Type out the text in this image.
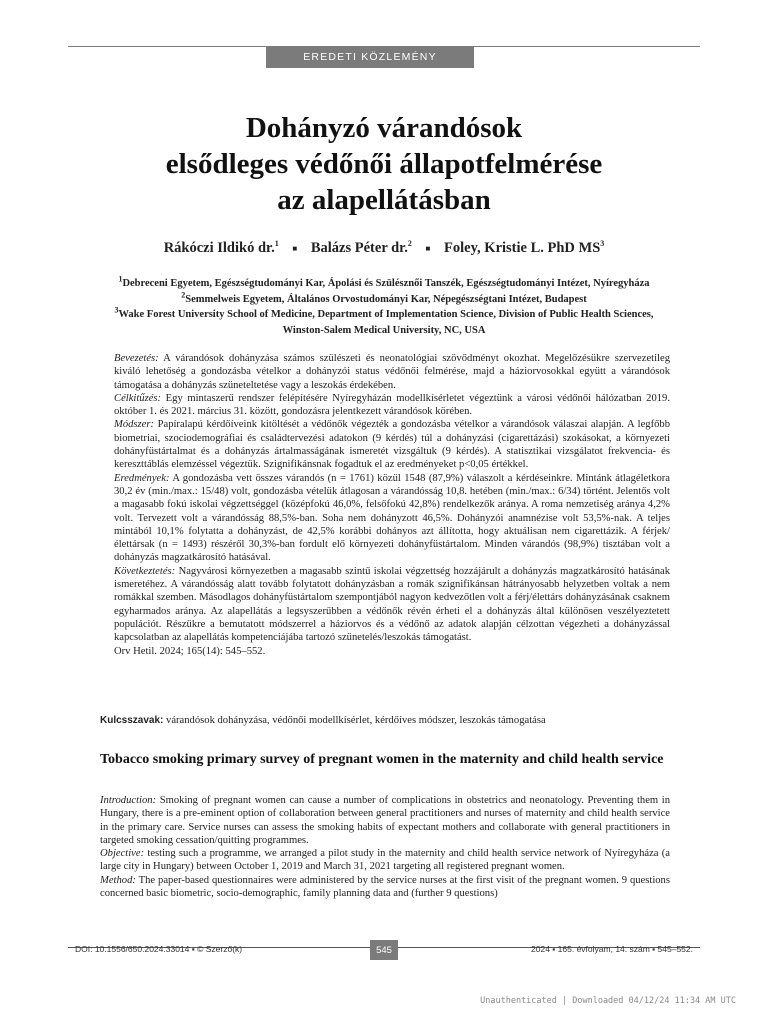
EREDETI KÖZLEMÉNY
Dohányzó várandósok
elsődleges védőnői állapotfelmérése
az alapellátásban
Rákóczi Ildikó dr.$^1$ ■ Balázs Péter dr.$^2$ ■ Foley, Kristie L. PhD $MS^3$
$^1$Debreceni Egyetem, Egészségtudományi Kar, Ápolási és Szülésznői Tanszék, Egészségtudományi Intézet, Nyíregyháza
$^2$Semmelweis Egyetem, Általános Orvostudományi Kar, Népegészségtani Intézet, Budapest
$^3$Wake Forest University School of Medicine, Department of Implementation Science, Division of Public Health Sciences, Winston-Salem Medical University, NC, USA

Bevezetés: A várandósok dohányzása számos szülészeti és neonatológiai szövődményt okozhat. Megelőzésükre szervezetileg kiváló lehetőség a gondozásba vételkor a dohányzói status védőnői felmérése, majd a háziorvosokkal együtt a várandósok támogatása a dohányzás szüneteltetése vagy a leszokás érdekében.

Célkitűzés: Egy mintaszerű rendszer felépítésére Nyíregyházán modellkísérletet végeztünk a városi védőnői hálózatban 2019. október 1. és 2021. március 31. között, gondozásra jelentkezett várandósok körében.

Módszer: Papíralapú kérdőíveink kitöltését a védőnők végezték a gondozásba vételkor a várandósok válaszai alapján. A legfőbb biometriai, szociodemográfiai és családtervezési adatokon (9 kérdés) túl a dohányzási (cigarettázási) szokásokat, a környezeti dohányfüstártalmat és a dohányzás ártalmasságának ismeretét vizsgáltuk (9 kérdés). A statisztikai vizsgálatot frekvencia- és kereszttáblás elemzéssel végeztük. Szignifikánsnak fogadtuk el az eredményeket p<0,05 értékkel.

Eredmények: A gondozásba vett összes várandós (n = 1761) közül 1548 (87,9%) válaszolt a kérdéseinkre. Mintánk átlagéletkora 30,2 év (min./max.: 15/48) volt, gondozásba vételük átlagosan a várandósság 10,8. hetében (min./max.: 6/34) történt. Jelentős volt a magasabb fokú iskolai végzettséggel (középfokú 46,0%, felsőfokú 42,8%) rendelkezők aránya. A roma nemzetiség aránya 4,2% volt. Tervezett volt a várandósság 88,5%-ban. Soha nem dohányzott 46,5%. Dohányzói anamnézise volt 53,5%-nak. A teljes mintából 10,1% folytatta a dohányzást, de 42,5% korábbi dohányos azt állította, hogy aktuálisan nem cigarettázik. A férjek/élettársak (n = 1493) részéről 30,3%-ban fordult elő környezeti dohányfüstártalom. Minden várandós (98,9%) tisztában volt a dohányzás magzatkárosító hatásával.

Következtetés: Nagyvárosi környezetben a magasabb szintű iskolai végzettség hozzájárult a dohányzás magzatkárosító hatásának ismeretéhez. A várandósság alatt tovább folytatott dohányzásban a romák szignifikánsan hátrányosabb helyzetben voltak a nem romákkal szemben. Másodlagos dohányfüstártalom szempontjából nagyon kedvezőtlen volt a férj/élettárs dohányzásának csaknem egyharmados aránya. Az alapellátás a legsyszerűbben a védőnők révén érheti el a dohányzás által különösen veszélyeztetett populációt. Részükre a bemutatott módszerrel a háziorvos és a védőnő az adatok alapján célzottan végezheti a dohányzással kapcsolatban az alapellátás kompetenciájába tartozó szünetelés/leszokás támogatást.

Orv Hetil. 2024; 165(14): 545–552.

Kulcsszavak: várandósok dohányzása, védőnői modellkísérlet, kérdőíves módszer, leszokás támogatása
Tobacco smoking primary survey of pregnant women in the maternity and child health service

Introduction: Smoking of pregnant women can cause a number of complications in obstetrics and neonatology. Preventing them in Hungary, there is a pre-eminent option of collaboration between general practitioners and nurses of maternity and child health service in the primary care. Service nurses can assess the smoking habits of expectant mothers and collaborate with general practitioners in targeted smoking cessation/quitting programmes.

Objective: testing such a programme, we arranged a pilot study in the maternity and child health service network of Nyíregyháza (a large city in Hungary) between October 1, 2019 and March 31, 2021 targeting all registered pregnant women.

Method: The paper-based questionnaires were administered by the service nurses at the first visit of the pregnant women. 9 questions concerned basic biometric, socio-demographic, family planning data and (further 9 questions)

DOI: 10.1556/650.2024.33014 ▪ © Szerző(k)	545	2024 ▪ 165. évfolyam, 14. szám ▪ 545–552.
Unauthenticated | Downloaded 04/12/24 11:34 AM UTC
